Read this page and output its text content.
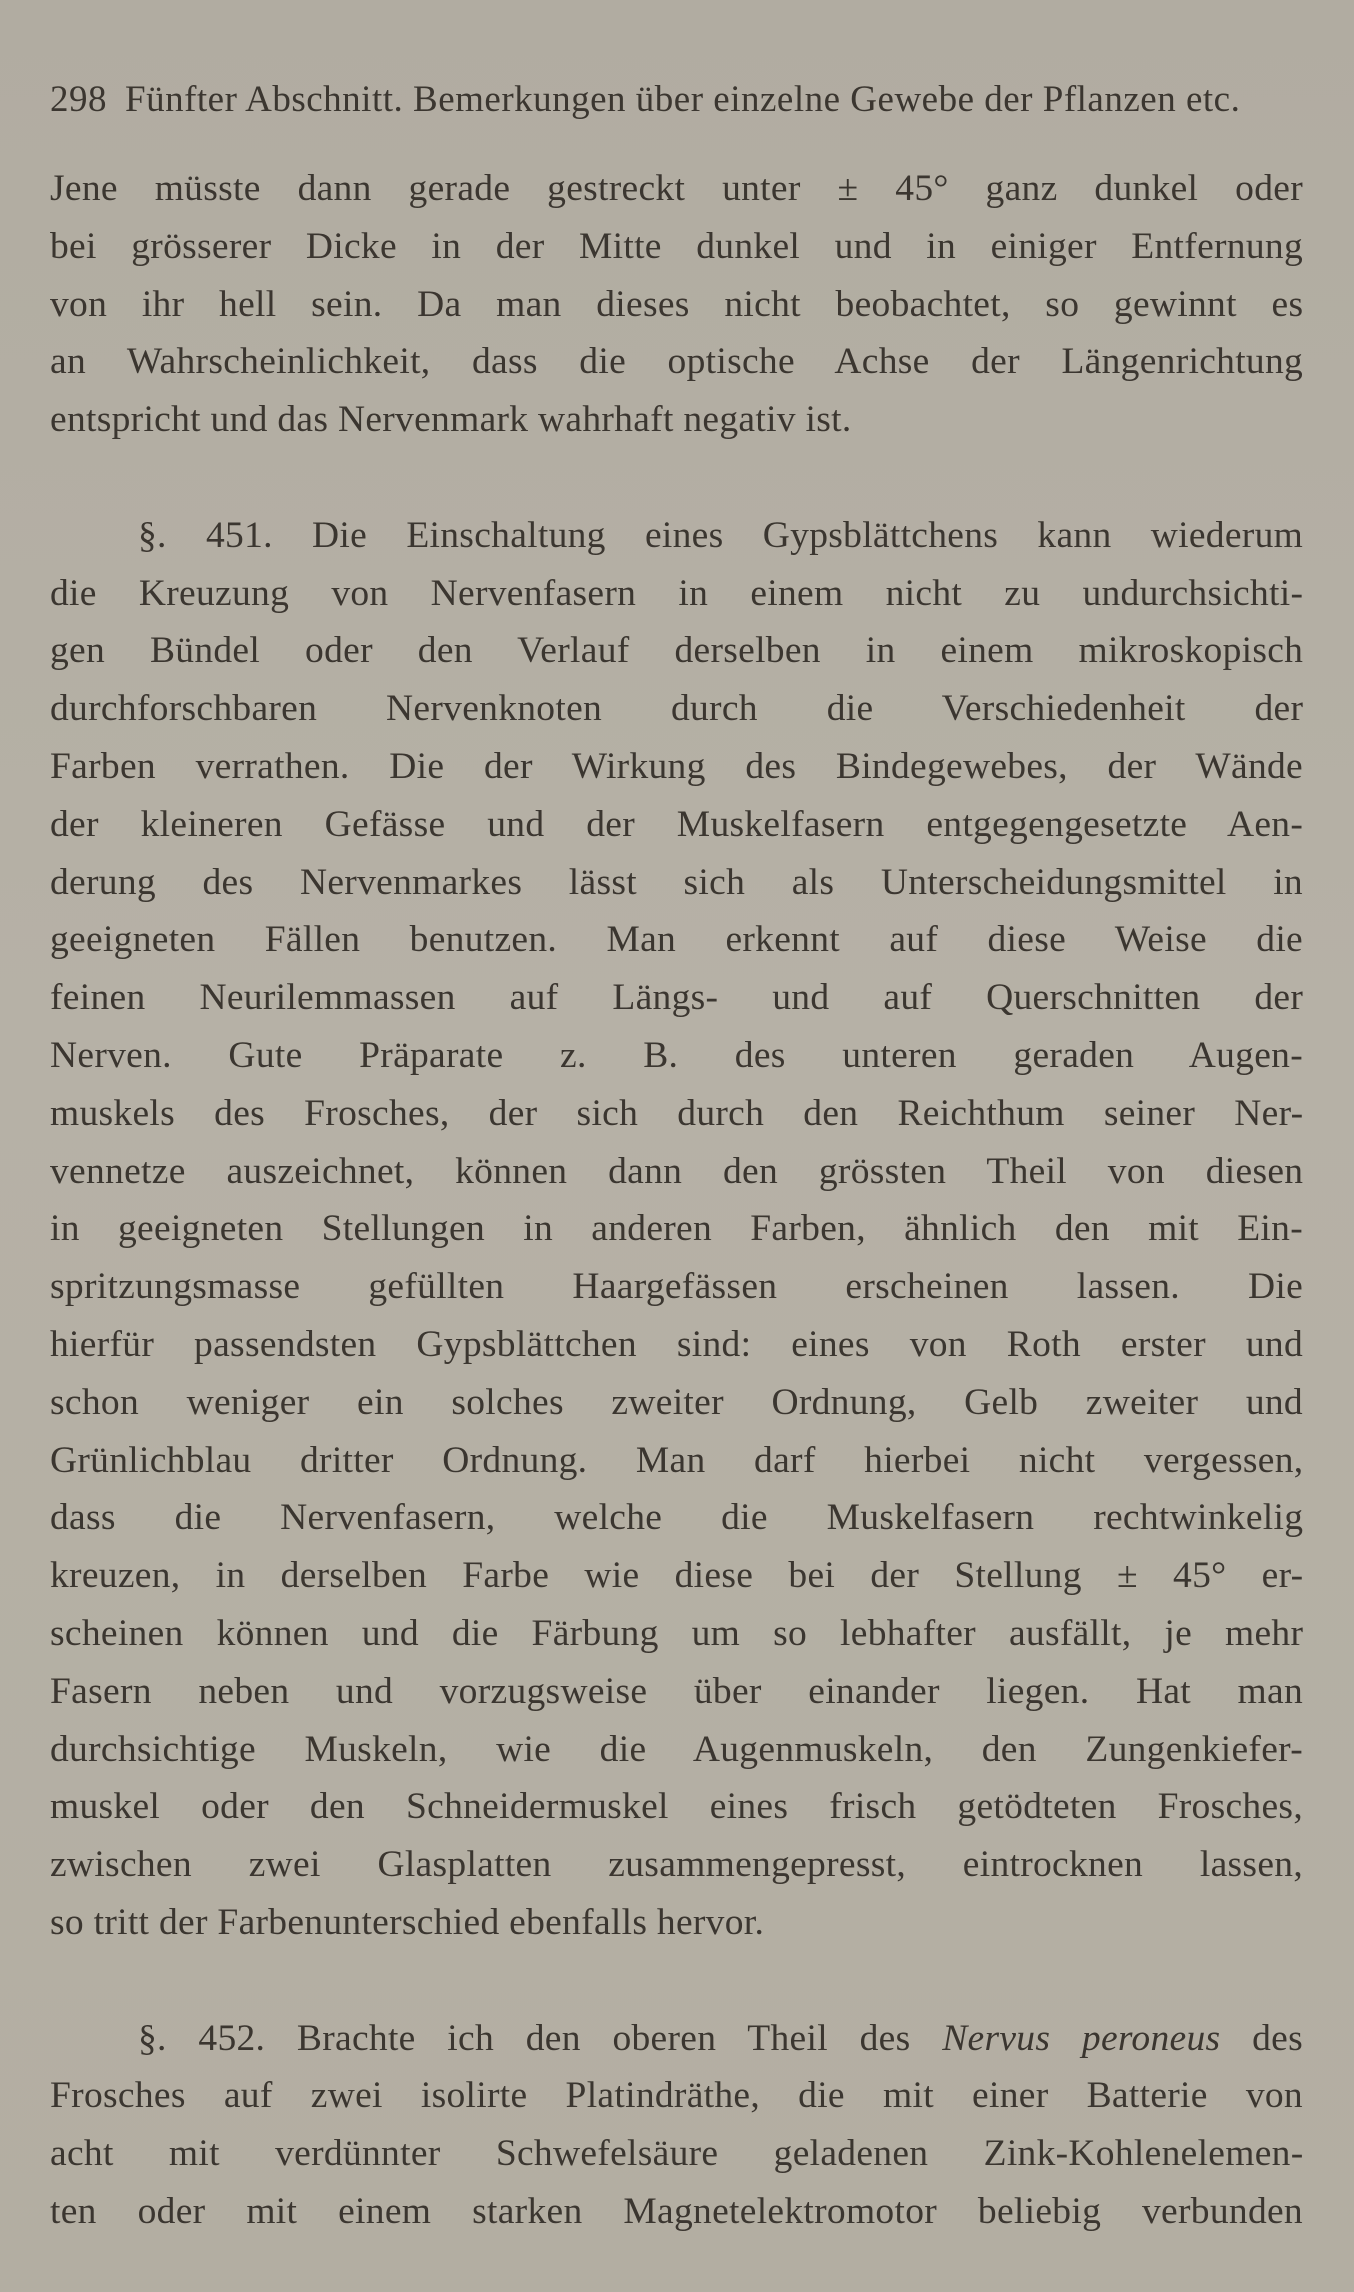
298 Fünfter Abschnitt. Bemerkungen über einzelne Gewebe der Pflanzen etc.
Jene müsste dann gerade gestreckt unter ± 45° ganz dunkel oder
bei grösserer Dicke in der Mitte dunkel und in einiger Entfernung
von ihr hell sein. Da man dieses nicht beobachtet, so gewinnt es
an Wahrscheinlichkeit, dass die optische Achse der Längenrichtung
entspricht und das Nervenmark wahrhaft negativ ist.
§. 451. Die Einschaltung eines Gypsblättchens kann wiederum
die Kreuzung von Nervenfasern in einem nicht zu undurchsichti-
gen Bündel oder den Verlauf derselben in einem mikroskopisch
durchforschbaren Nervenknoten durch die Verschiedenheit der
Farben verrathen. Die der Wirkung des Bindegewebes, der Wände
der kleineren Gefässe und der Muskelfasern entgegengesetzte Aen-
derung des Nervenmarkes lässt sich als Unterscheidungsmittel in
geeigneten Fällen benutzen. Man erkennt auf diese Weise die
feinen Neurilemmassen auf Längs- und auf Querschnitten der
Nerven. Gute Präparate z. B. des unteren geraden Augen-
muskels des Frosches, der sich durch den Reichthum seiner Ner-
vennetze auszeichnet, können dann den grössten Theil von diesen
in geeigneten Stellungen in anderen Farben, ähnlich den mit Ein-
spritzungsmasse gefüllten Haargefässen erscheinen lassen. Die
hierfür passendsten Gypsblättchen sind: eines von Roth erster und
schon weniger ein solches zweiter Ordnung, Gelb zweiter und
Grünlichblau dritter Ordnung. Man darf hierbei nicht vergessen,
dass die Nervenfasern, welche die Muskelfasern rechtwinkelig
kreuzen, in derselben Farbe wie diese bei der Stellung ± 45° er-
scheinen können und die Färbung um so lebhafter ausfällt, je mehr
Fasern neben und vorzugsweise über einander liegen. Hat man
durchsichtige Muskeln, wie die Augenmuskeln, den Zungenkiefer-
muskel oder den Schneidermuskel eines frisch getödteten Frosches,
zwischen zwei Glasplatten zusammengepresst, eintrocknen lassen,
so tritt der Farbenunterschied ebenfalls hervor.
§. 452. Brachte ich den oberen Theil des Nervus peroneus des
Frosches auf zwei isolirte Platindräthe, die mit einer Batterie von
acht mit verdünnter Schwefelsäure geladenen Zink-Kohlenelemen-
ten oder mit einem starken Magnetelektromotor beliebig verbunden
